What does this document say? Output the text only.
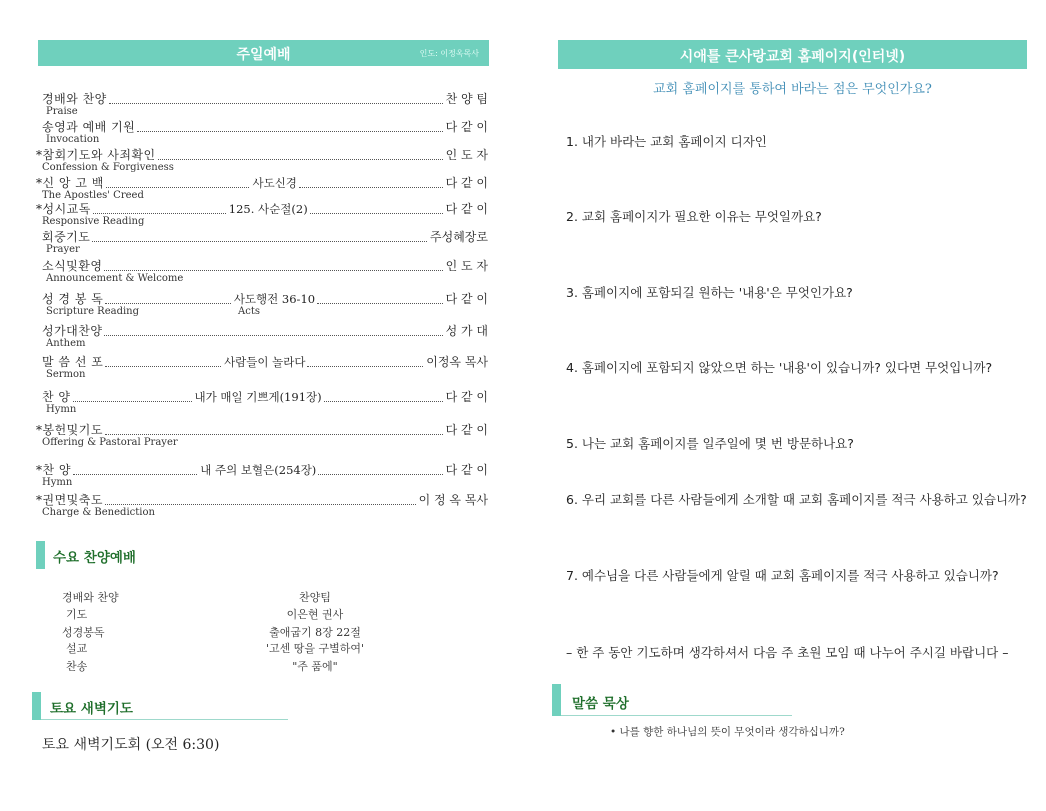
주일예배	인도: 이정옥목사
경배와 찬양	찬 양 팀
Praise
송영과 예배 기원	다 같 이
Invocation
*참회기도와 사죄확인	인 도 자
Confession & Forgiveness
*신 앙 고 백	사도신경	다 같 이
The Apostles' Creed
*성시교독	125. 사순절(2)	다 같 이
Responsive Reading
회중기도	주성혜장로
Prayer
소식및환영	인 도 자
Announcement & Welcome
성 경 봉 독	사도행전 36-10	다 같 이
Scripture Reading	Acts
성가대찬양	성 가 대
Anthem
말 씀 선 포	사람들이 놀라다	이정옥 목사
Sermon
찬 양	내가 매일 기쁘게(191장)	다 같 이
Hymn
*봉헌및기도	다 같 이
Offering & Pastoral Prayer
*찬 양	내 주의 보혈은(254장)	다 같 이
Hymn
*권면및축도	이 정 옥 목사
Charge & Benediction
수요 찬양예배
경배와 찬양	찬양팀
기도	이은현 권사
성경봉독	출애굽기 8장 22절
설교	'고센 땅을 구별하여'
찬송	"주 품에"
토요 새벽기도
토요 새벽기도회 (오전 6:30)
시애틀 큰사랑교회 홈페이지(인터넷)
교회 홈페이지를 통하여 바라는 점은 무엇인가요?
1. 내가 바라는 교회 홈페이지 디자인
2. 교회 홈페이지가 필요한 이유는 무엇일까요?
3. 홈페이지에 포함되길 원하는 '내용'은 무엇인가요?
4. 홈페이지에 포함되지 않았으면 하는 '내용'이 있습니까? 있다면 무엇입니까?
5. 나는 교회 홈페이지를 일주일에 몇 번 방문하나요?
6. 우리 교회를 다른 사람들에게 소개할 때 교회 홈페이지를 적극 사용하고 있습니까?
7. 예수님을 다른 사람들에게 알릴 때 교회 홈페이지를 적극 사용하고 있습니까?
– 한 주 동안 기도하며 생각하셔서 다음 주 초원 모임 때 나누어 주시길 바랍니다 –
말씀 묵상
• 나를 향한 하나님의 뜻이 무엇이라 생각하십니까?
